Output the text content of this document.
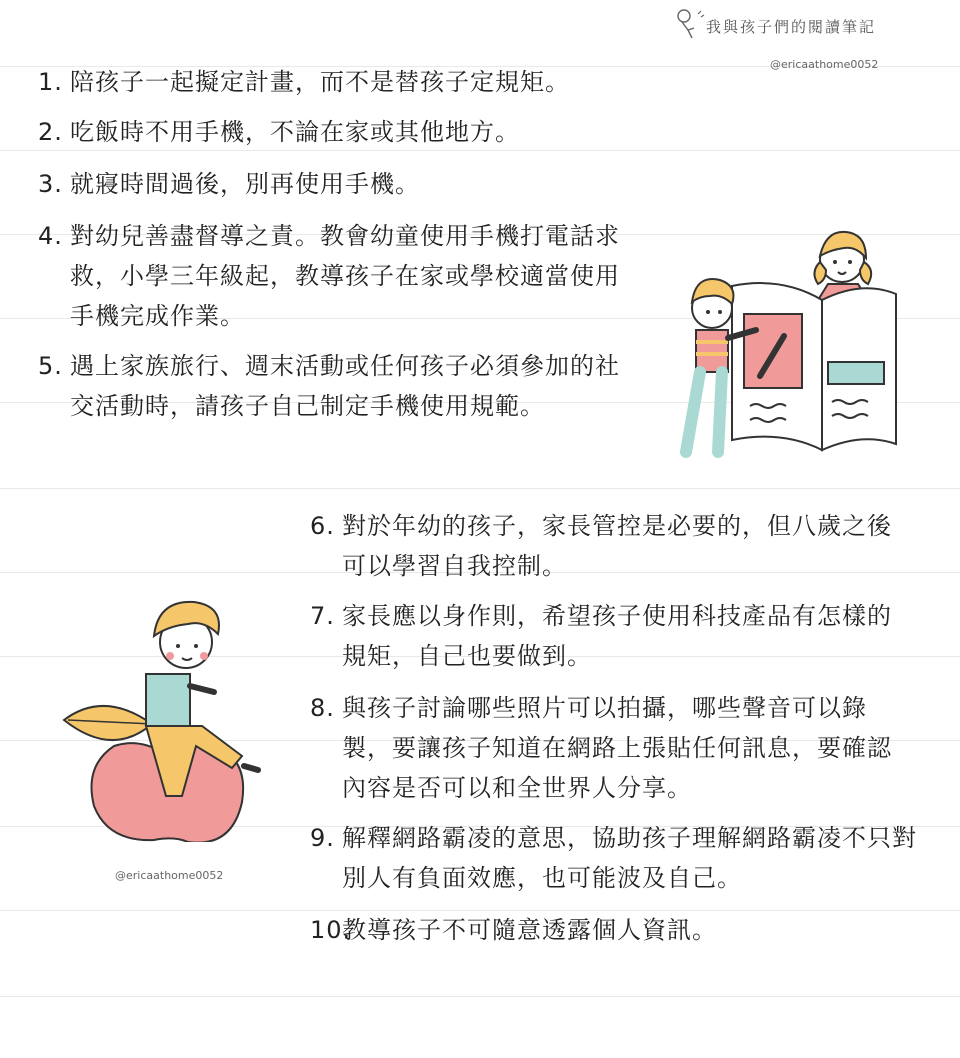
我與孩子們的閱讀筆記
@ericaathome0052
@ericaathome0052
1. 陪孩子一起擬定計畫，而不是替孩子定規矩。
2. 吃飯時不用手機，不論在家或其他地方。
3. 就寢時間過後，別再使用手機。
4. 對幼兒善盡督導之責。教會幼童使用手機打電話求救，小學三年級起，教導孩子在家或學校適當使用手機完成作業。
5. 遇上家族旅行、週末活動或任何孩子必須參加的社交活動時，請孩子自己制定手機使用規範。
6. 對於年幼的孩子，家長管控是必要的，但八歲之後可以學習自我控制。
7. 家長應以身作則，希望孩子使用科技產品有怎樣的規矩，自己也要做到。
8. 與孩子討論哪些照片可以拍攝，哪些聲音可以錄製，要讓孩子知道在網路上張貼任何訊息，要確認內容是否可以和全世界人分享。
9. 解釋網路霸凌的意思，協助孩子理解網路霸凌不只對別人有負面效應，也可能波及自己。
10.
教導孩子不可隨意透露個人資訊。
